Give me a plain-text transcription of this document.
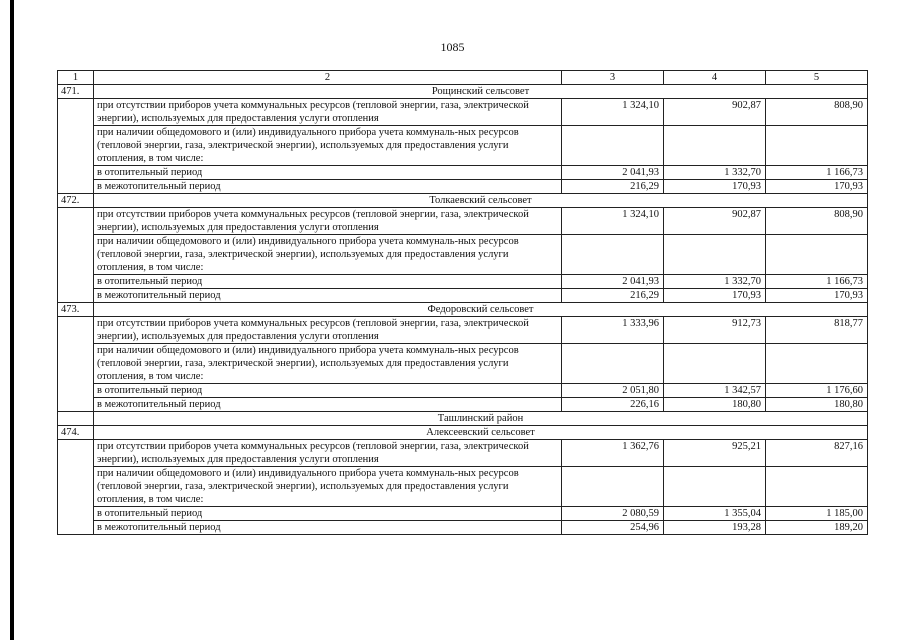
1085
1	2	3	4	5
471.	Рощинский сельсовет			
	при отсутствии приборов учета коммунальных ресурсов (тепловой энергии, газа, электрической энергии), используемых для предоставления услуги отопления	1 324,10	902,87	808,90
	при наличии общедомового и (или) индивидуального прибора учета коммуналь-ных ресурсов (тепловой энергии, газа, электрической энергии), используемых для предоставления услуги отопления, в том числе:			
	в отопительный период	2 041,93	1 332,70	1 166,73
	в межотопительный период	216,29	170,93	170,93
472.	Толкаевский сельсовет			
	при отсутствии приборов учета коммунальных ресурсов (тепловой энергии, газа, электрической энергии), используемых для предоставления услуги отопления	1 324,10	902,87	808,90
	при наличии общедомового и (или) индивидуального прибора учета коммуналь-ных ресурсов (тепловой энергии, газа, электрической энергии), используемых для предоставления услуги отопления, в том числе:			
	в отопительный период	2 041,93	1 332,70	1 166,73
	в межотопительный период	216,29	170,93	170,93
473.	Федоровский сельсовет			
	при отсутствии приборов учета коммунальных ресурсов (тепловой энергии, газа, электрической энергии), используемых для предоставления услуги отопления	1 333,96	912,73	818,77
	при наличии общедомового и (или) индивидуального прибора учета коммуналь-ных ресурсов (тепловой энергии, газа, электрической энергии), используемых для предоставления услуги отопления, в том числе:			
	в отопительный период	2 051,80	1 342,57	1 176,60
	в межотопительный период	226,16	180,80	180,80
	Ташлинский район			
474.	Алексеевский сельсовет			
	при отсутствии приборов учета коммунальных ресурсов (тепловой энергии, газа, электрической энергии), используемых для предоставления услуги отопления	1 362,76	925,21	827,16
	при наличии общедомового и (или) индивидуального прибора учета коммуналь-ных ресурсов (тепловой энергии, газа, электрической энергии), используемых для предоставления услуги отопления, в том числе:			
	в отопительный период	2 080,59	1 355,04	1 185,00
	в межотопительный период	254,96	193,28	189,20
